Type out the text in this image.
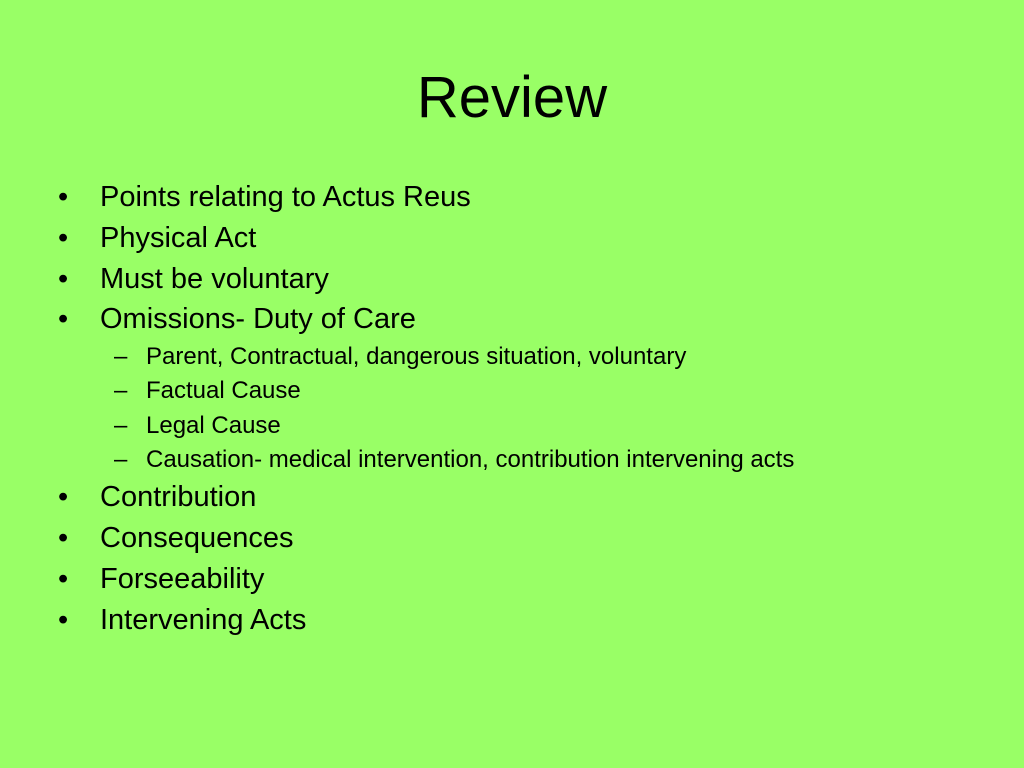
Review
• Points relating to Actus Reus
• Physical Act
• Must be voluntary
• Omissions- Duty of Care
– Parent, Contractual, dangerous situation, voluntary
– Factual Cause
– Legal Cause
– Causation- medical intervention, contribution intervening acts
• Contribution
• Consequences
• Forseeability
• Intervening Acts
